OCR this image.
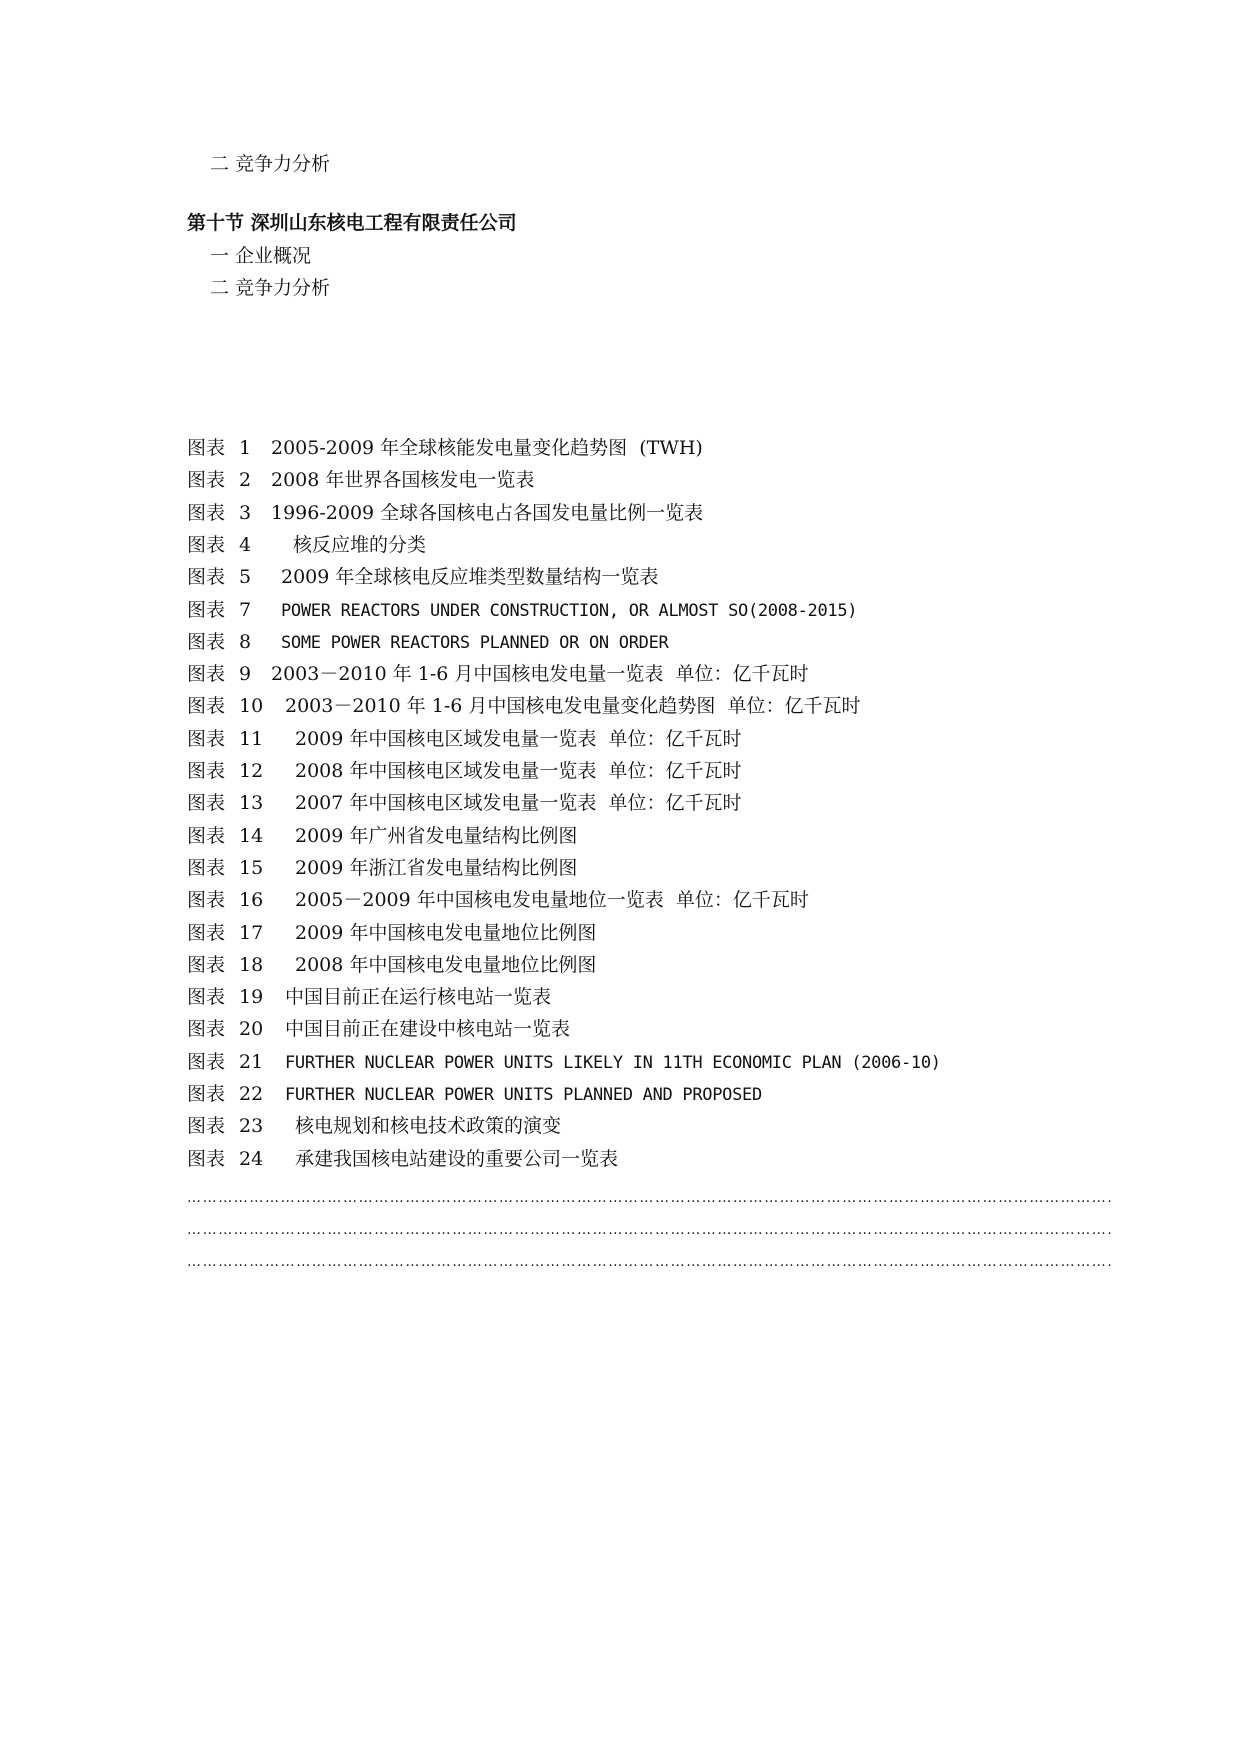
二 竞争力分析
第十节 深圳山东核电工程有限责任公司
一 企业概况
二 竞争力分析
图表 1 2005-2009 年全球核能发电量变化趋势图  (TWH)
图表 2 2008 年世界各国核发电一览表
图表 3 1996-2009 全球各国核电占各国发电量比例一览表
图表 4 核反应堆的分类
图表 5 2009 年全球核电反应堆类型数量结构一览表
图表 7 POWER REACTORS UNDER CONSTRUCTION, OR ALMOST SO(2008-2015)
图表 8 SOME POWER REACTORS PLANNED OR ON ORDER
图表 9 2003－2010 年 1-6 月中国核电发电量一览表  单位：亿千瓦时
图表 10 2003－2010 年 1-6 月中国核电发电量变化趋势图  单位：亿千瓦时
图表 11 2009 年中国核电区域发电量一览表  单位：亿千瓦时
图表 12 2008 年中国核电区域发电量一览表  单位：亿千瓦时
图表 13 2007 年中国核电区域发电量一览表  单位：亿千瓦时
图表 14 2009 年广州省发电量结构比例图
图表 15 2009 年浙江省发电量结构比例图
图表 16 2005－2009 年中国核电发电量地位一览表  单位：亿千瓦时
图表 17 2009 年中国核电发电量地位比例图
图表 18 2008 年中国核电发电量地位比例图
图表 19 中国目前正在运行核电站一览表
图表 20 中国目前正在建设中核电站一览表
图表 21 FURTHER NUCLEAR POWER UNITS LIKELY IN 11TH ECONOMIC PLAN (2006-10)
图表 22 FURTHER NUCLEAR POWER UNITS PLANNED AND PROPOSED
图表 23 核电规划和核电技术政策的演变
图表 24 承建我国核电站建设的重要公司一览表
…………………………………………………………………………………………………………………………………………………………….
…………………………………………………………………………………………………………………………………………………………….
…………………………………………………………………………………………………………………………………………………………….
